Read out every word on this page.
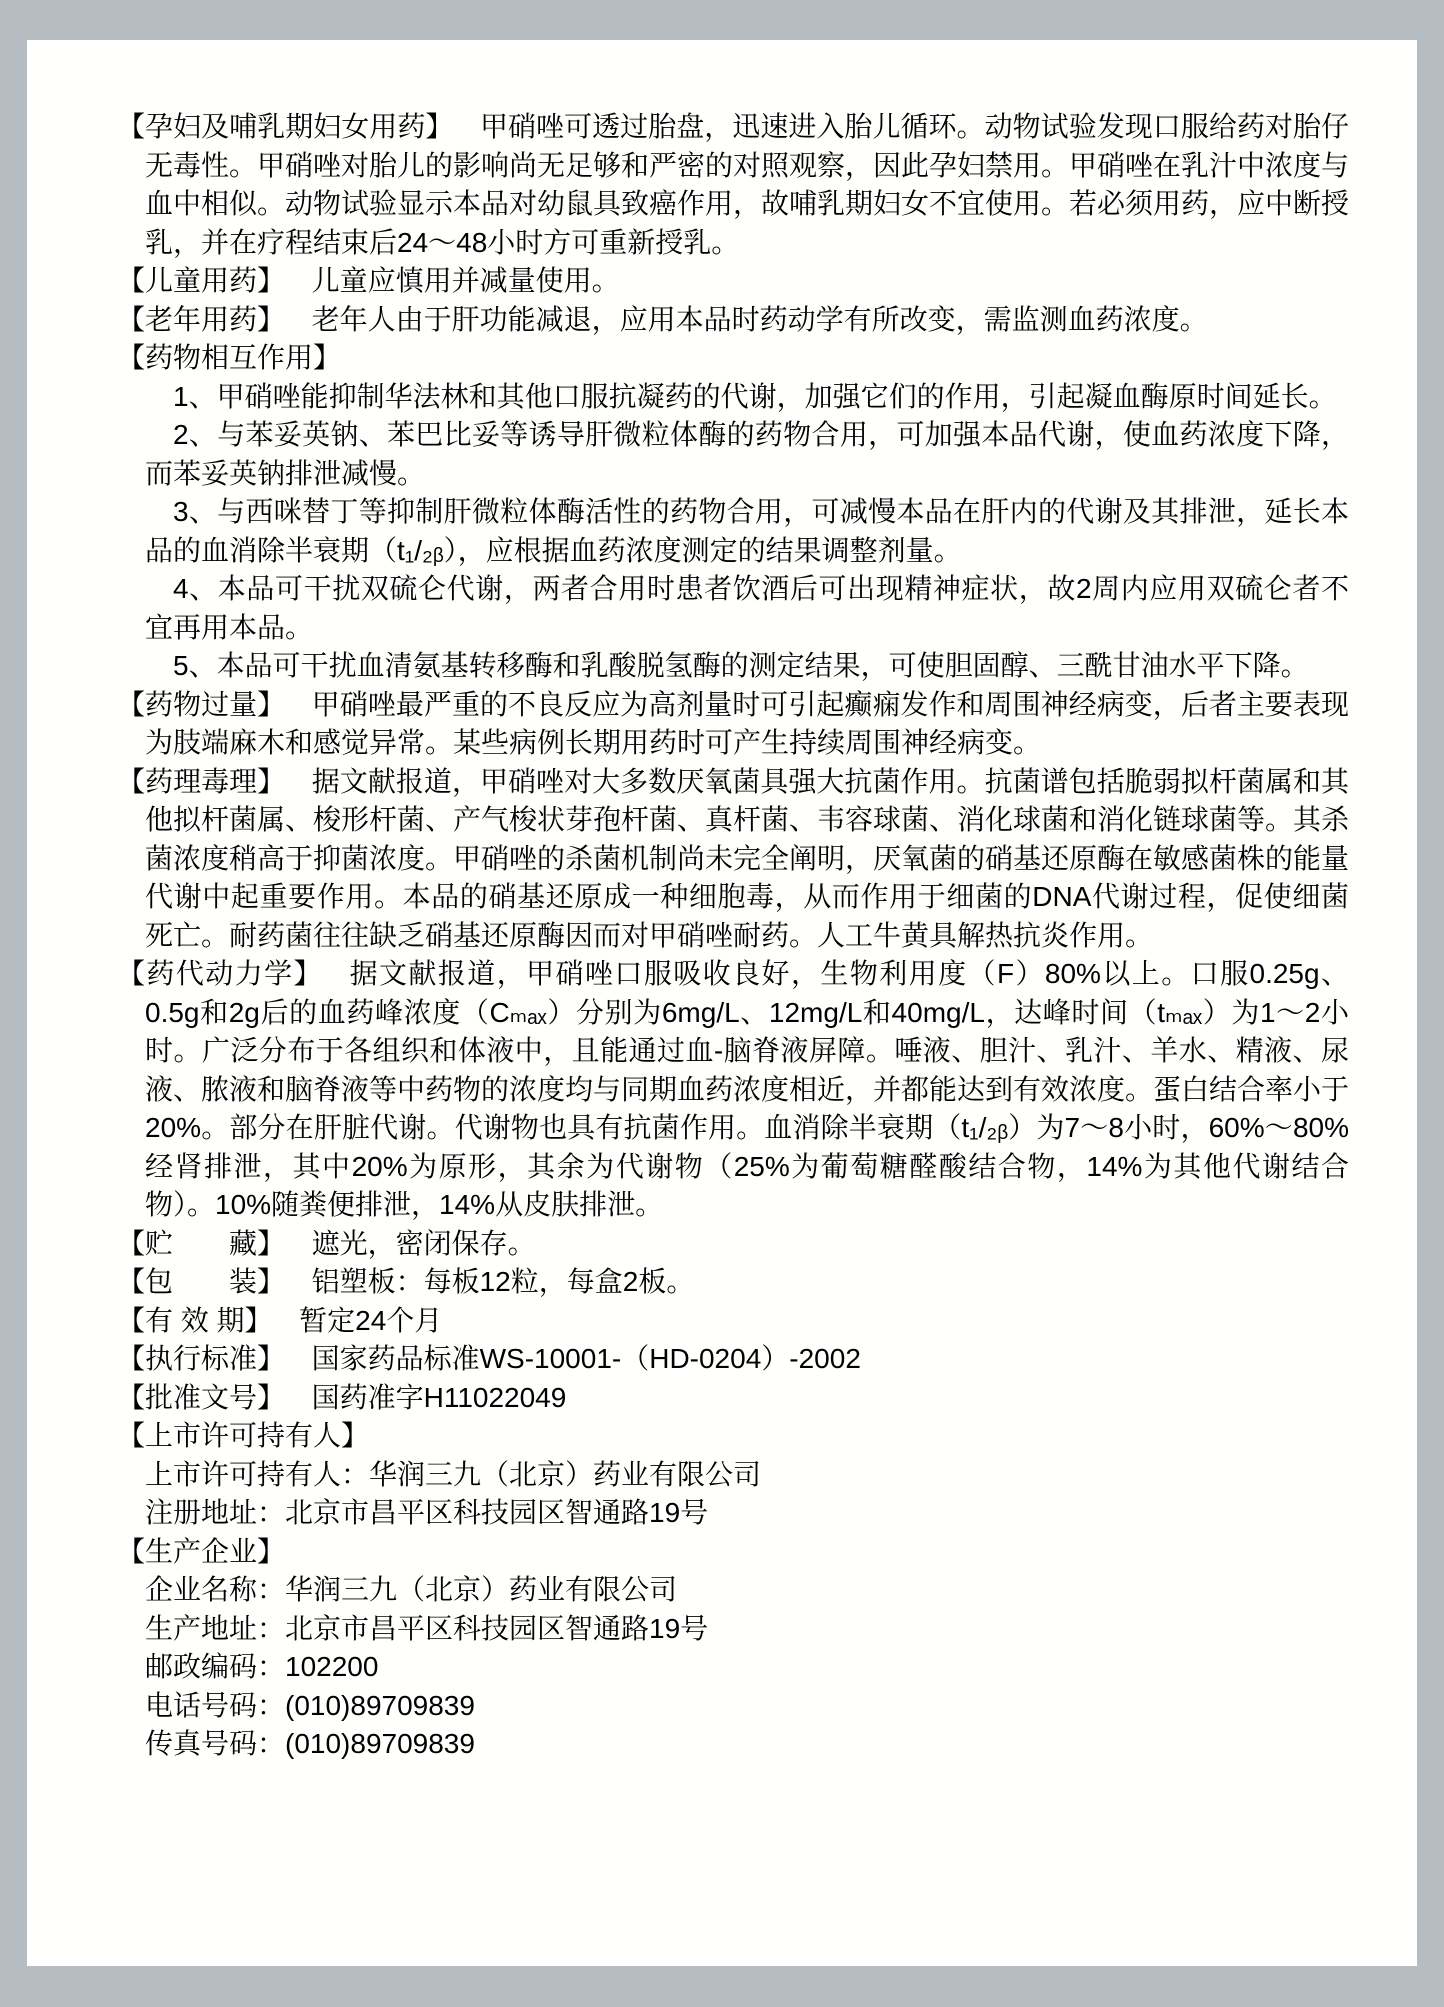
【孕妇及哺乳期妇女用药】 甲硝唑可透过胎盘，迅速进入胎儿循环。动物试验发现口服给药对胎仔无毒性。甲硝唑对胎儿的影响尚无足够和严密的对照观察，因此孕妇禁用。甲硝唑在乳汁中浓度与血中相似。动物试验显示本品对幼鼠具致癌作用，故哺乳期妇女不宜使用。若必须用药，应中断授乳，并在疗程结束后24～48小时方可重新授乳。
【儿童用药】 儿童应慎用并减量使用。
【老年用药】 老年人由于肝功能减退，应用本品时药动学有所改变，需监测血药浓度。
【药物相互作用】
1、甲硝唑能抑制华法林和其他口服抗凝药的代谢，加强它们的作用，引起凝血酶原时间延长。
2、与苯妥英钠、苯巴比妥等诱导肝微粒体酶的药物合用，可加强本品代谢，使血药浓度下降，而苯妥英钠排泄减慢。
3、与西咪替丁等抑制肝微粒体酶活性的药物合用，可减慢本品在肝内的代谢及其排泄，延长本品的血消除半衰期（t₁/₂ᵦ），应根据血药浓度测定的结果调整剂量。
4、本品可干扰双硫仑代谢，两者合用时患者饮酒后可出现精神症状，故2周内应用双硫仑者不宜再用本品。
5、本品可干扰血清氨基转移酶和乳酸脱氢酶的测定结果，可使胆固醇、三酰甘油水平下降。
【药物过量】 甲硝唑最严重的不良反应为高剂量时可引起癫痫发作和周围神经病变，后者主要表现为肢端麻木和感觉异常。某些病例长期用药时可产生持续周围神经病变。
【药理毒理】 据文献报道，甲硝唑对大多数厌氧菌具强大抗菌作用。抗菌谱包括脆弱拟杆菌属和其他拟杆菌属、梭形杆菌、产气梭状芽孢杆菌、真杆菌、韦容球菌、消化球菌和消化链球菌等。其杀菌浓度稍高于抑菌浓度。甲硝唑的杀菌机制尚未完全阐明，厌氧菌的硝基还原酶在敏感菌株的能量代谢中起重要作用。本品的硝基还原成一种细胞毒，从而作用于细菌的DNA代谢过程，促使细菌死亡。耐药菌往往缺乏硝基还原酶因而对甲硝唑耐药。人工牛黄具解热抗炎作用。
【药代动力学】 据文献报道，甲硝唑口服吸收良好，生物利用度（F）80%以上。口服0.25g、0.5g和2g后的血药峰浓度（Cₘₐₓ）分别为6mg/L、12mg/L和40mg/L，达峰时间（tₘₐₓ）为1～2小时。广泛分布于各组织和体液中，且能通过血-脑脊液屏障。唾液、胆汁、乳汁、羊水、精液、尿液、脓液和脑脊液等中药物的浓度均与同期血药浓度相近，并都能达到有效浓度。蛋白结合率小于20%。部分在肝脏代谢。代谢物也具有抗菌作用。血消除半衰期（t₁/₂ᵦ）为7～8小时，60%～80%经肾排泄，其中20%为原形，其余为代谢物（25%为葡萄糖醛酸结合物，14%为其他代谢结合物）。10%随粪便排泄，14%从皮肤排泄。
【贮　　藏】 遮光，密闭保存。
【包　　装】 铝塑板：每板12粒，每盒2板。
【有 效 期】 暂定24个月
【执行标准】 国家药品标准WS-10001-（HD-0204）-2002
【批准文号】 国药准字H11022049
【上市许可持有人】
上市许可持有人：华润三九（北京）药业有限公司
注册地址：北京市昌平区科技园区智通路19号
【生产企业】
企业名称：华润三九（北京）药业有限公司
生产地址：北京市昌平区科技园区智通路19号
邮政编码：102200
电话号码：(010)89709839
传真号码：(010)89709839
